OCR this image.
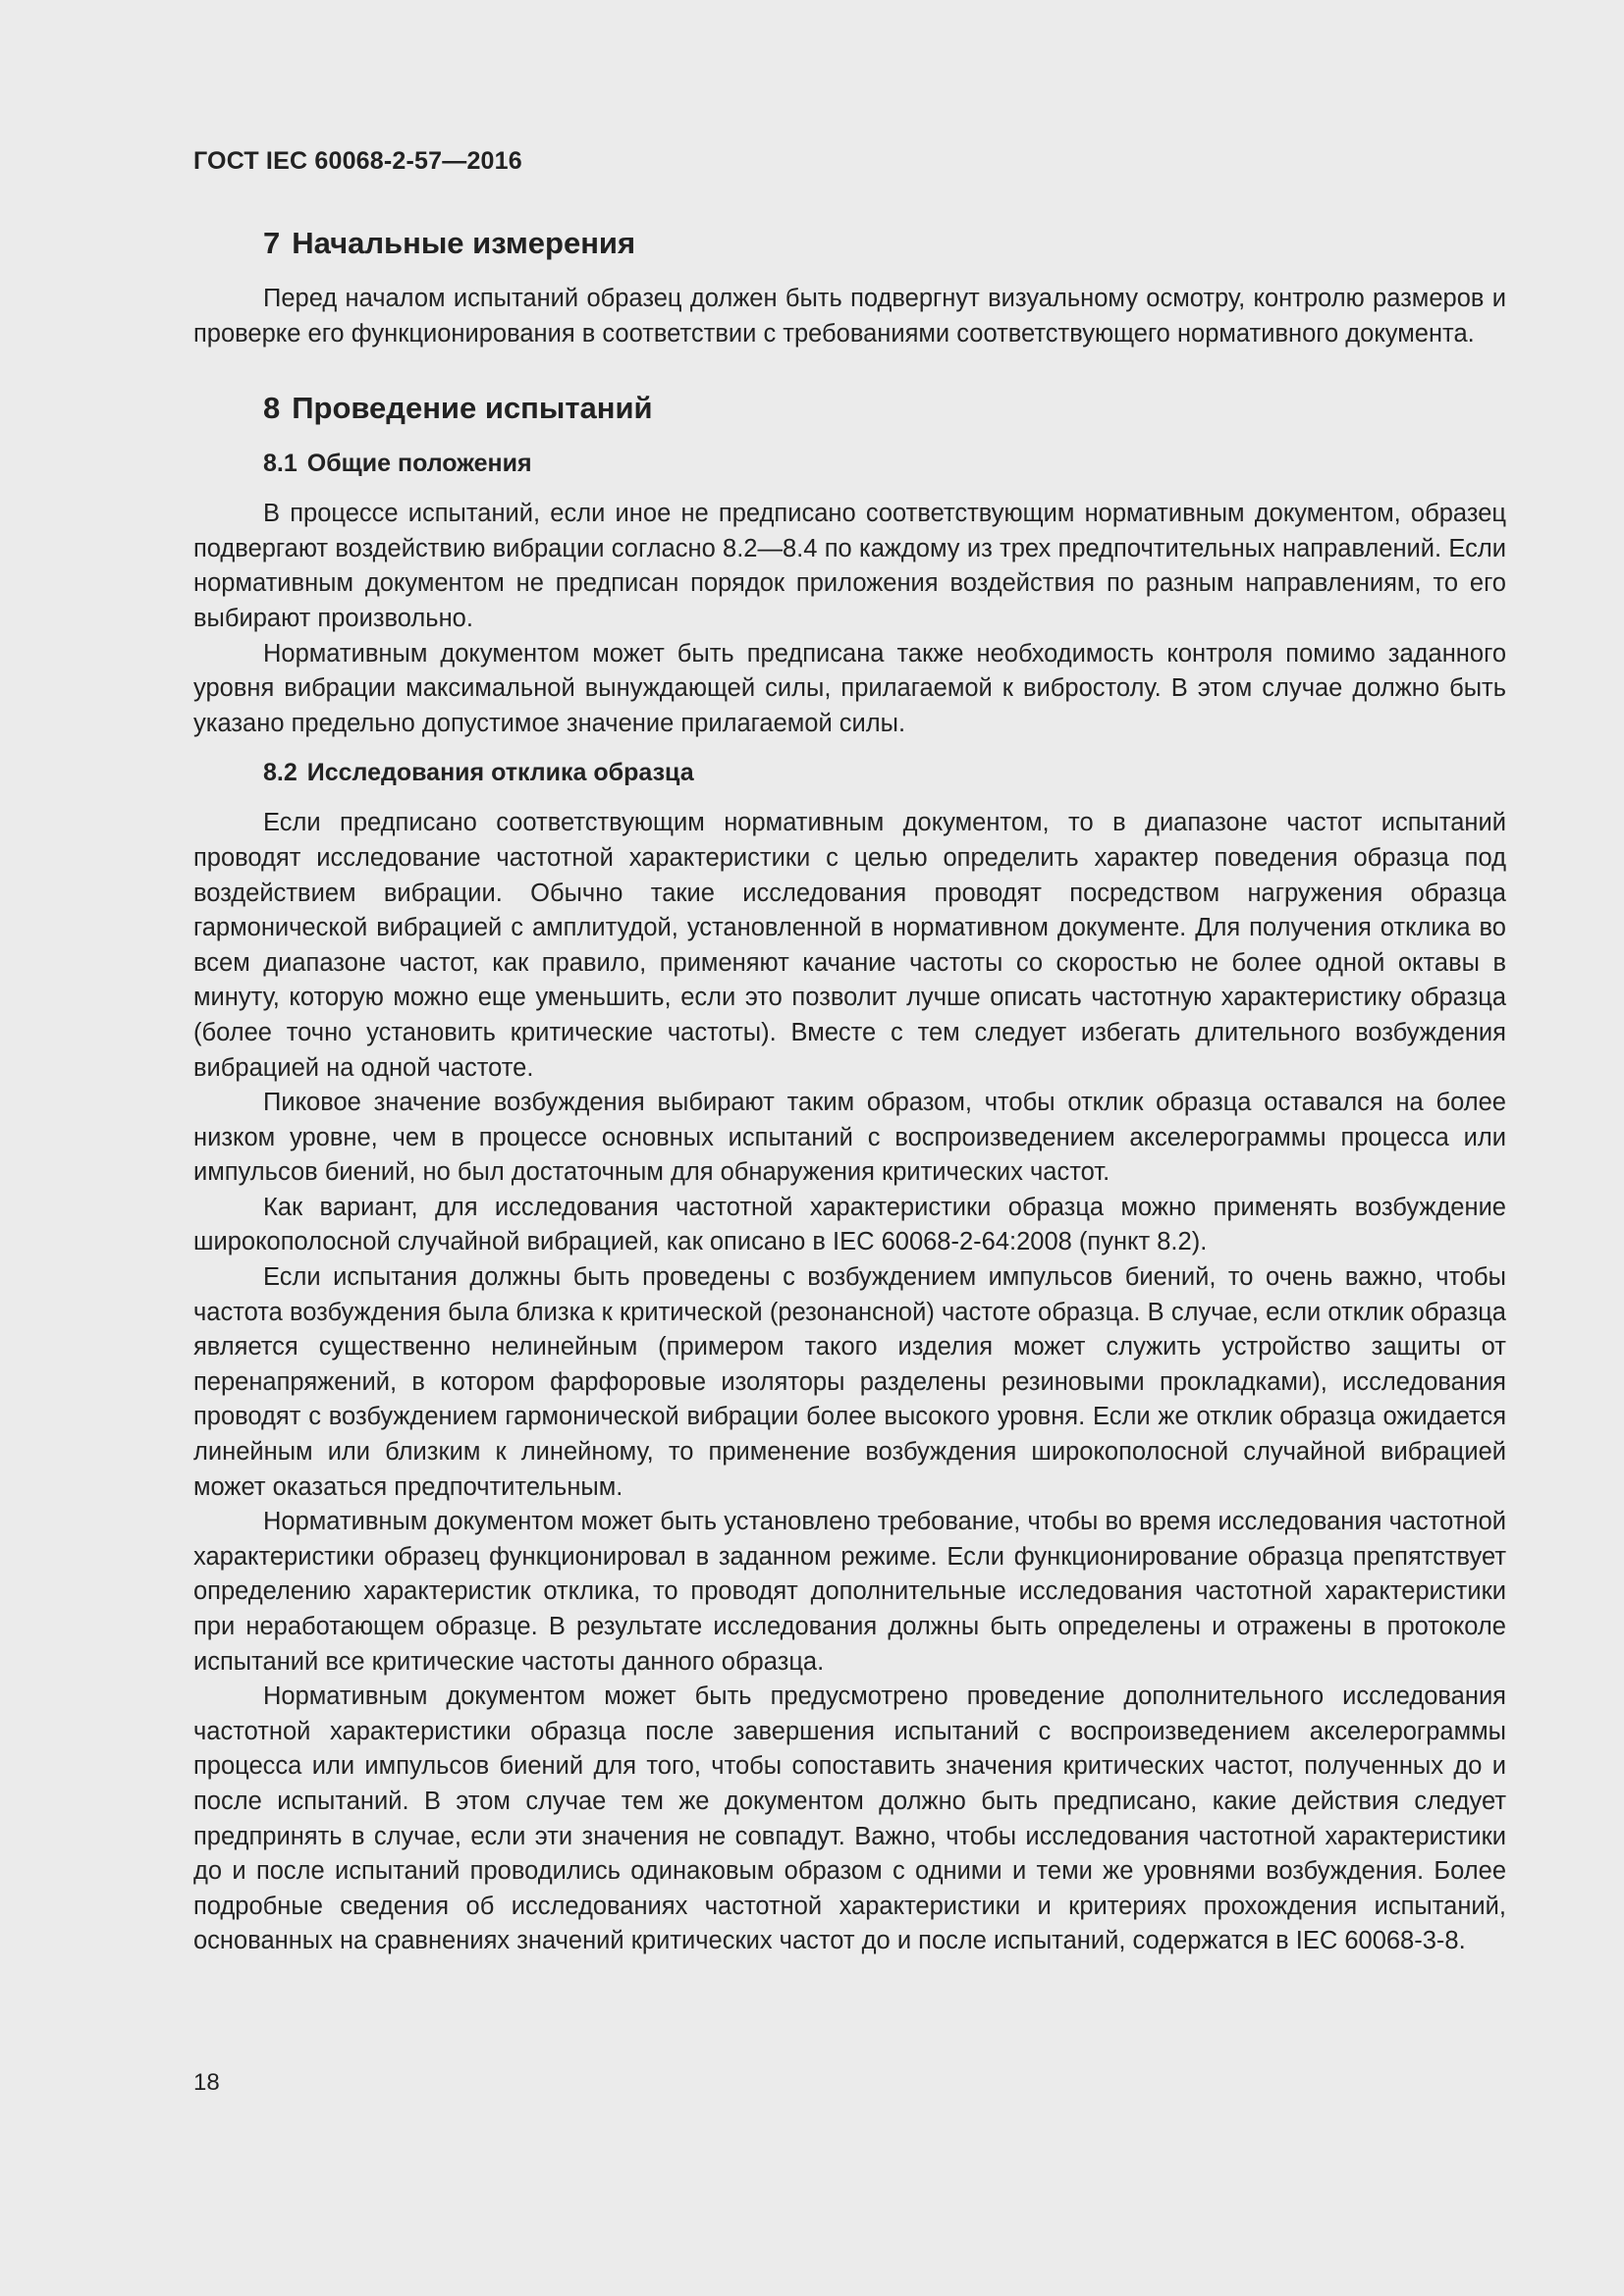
ГОСТ IEC 60068-2-57—2016
7 Начальные измерения

Перед началом испытаний образец должен быть подвергнут визуальному осмотру, контролю размеров и проверке его функционирования в соответствии с требованиями соответствующего нормативного документа.

8 Проведение испытаний
8.1 Общие положения

В процессе испытаний, если иное не предписано соответствующим нормативным документом, образец подвергают воздействию вибрации согласно 8.2—8.4 по каждому из трех предпочтительных направлений. Если нормативным документом не предписан порядок приложения воздействия по разным направлениям, то его выбирают произвольно.

Нормативным документом может быть предписана также необходимость контроля помимо заданного уровня вибрации максимальной вынуждающей силы, прилагаемой к вибростолу. В этом случае должно быть указано предельно допустимое значение прилагаемой силы.

8.2 Исследования отклика образца

Если предписано соответствующим нормативным документом, то в диапазоне частот испытаний проводят исследование частотной характеристики с целью определить характер поведения образца под воздействием вибрации. Обычно такие исследования проводят посредством нагружения образца гармонической вибрацией с амплитудой, установленной в нормативном документе. Для получения отклика во всем диапазоне частот, как правило, применяют качание частоты со скоростью не более одной октавы в минуту, которую можно еще уменьшить, если это позволит лучше описать частотную характеристику образца (более точно установить критические частоты). Вместе с тем следует избегать длительного возбуждения вибрацией на одной частоте.

Пиковое значение возбуждения выбирают таким образом, чтобы отклик образца оставался на более низком уровне, чем в процессе основных испытаний с воспроизведением акселерограммы процесса или импульсов биений, но был достаточным для обнаружения критических частот.

Как вариант, для исследования частотной характеристики образца можно применять возбуждение широкополосной случайной вибрацией, как описано в IEC 60068-2-64:2008 (пункт 8.2).

Если испытания должны быть проведены с возбуждением импульсов биений, то очень важно, чтобы частота возбуждения была близка к критической (резонансной) частоте образца. В случае, если отклик образца является существенно нелинейным (примером такого изделия может служить устройство защиты от перенапряжений, в котором фарфоровые изоляторы разделены резиновыми прокладками), исследования проводят с возбуждением гармонической вибрации более высокого уровня. Если же отклик образца ожидается линейным или близким к линейному, то применение возбуждения широкополосной случайной вибрацией может оказаться предпочтительным.

Нормативным документом может быть установлено требование, чтобы во время исследования частотной характеристики образец функционировал в заданном режиме. Если функционирование образца препятствует определению характеристик отклика, то проводят дополнительные исследования частотной характеристики при неработающем образце. В результате исследования должны быть определены и отражены в протоколе испытаний все критические частоты данного образца.

Нормативным документом может быть предусмотрено проведение дополнительного исследования частотной характеристики образца после завершения испытаний с воспроизведением акселерограммы процесса или импульсов биений для того, чтобы сопоставить значения критических частот, полученных до и после испытаний. В этом случае тем же документом должно быть предписано, какие действия следует предпринять в случае, если эти значения не совпадут. Важно, чтобы исследования частотной характеристики до и после испытаний проводились одинаковым образом с одними и теми же уровнями возбуждения. Более подробные сведения об исследованиях частотной характеристики и критериях прохождения испытаний, основанных на сравнениях значений критических частот до и после испытаний, содержатся в IEC 60068-3-8.

18
